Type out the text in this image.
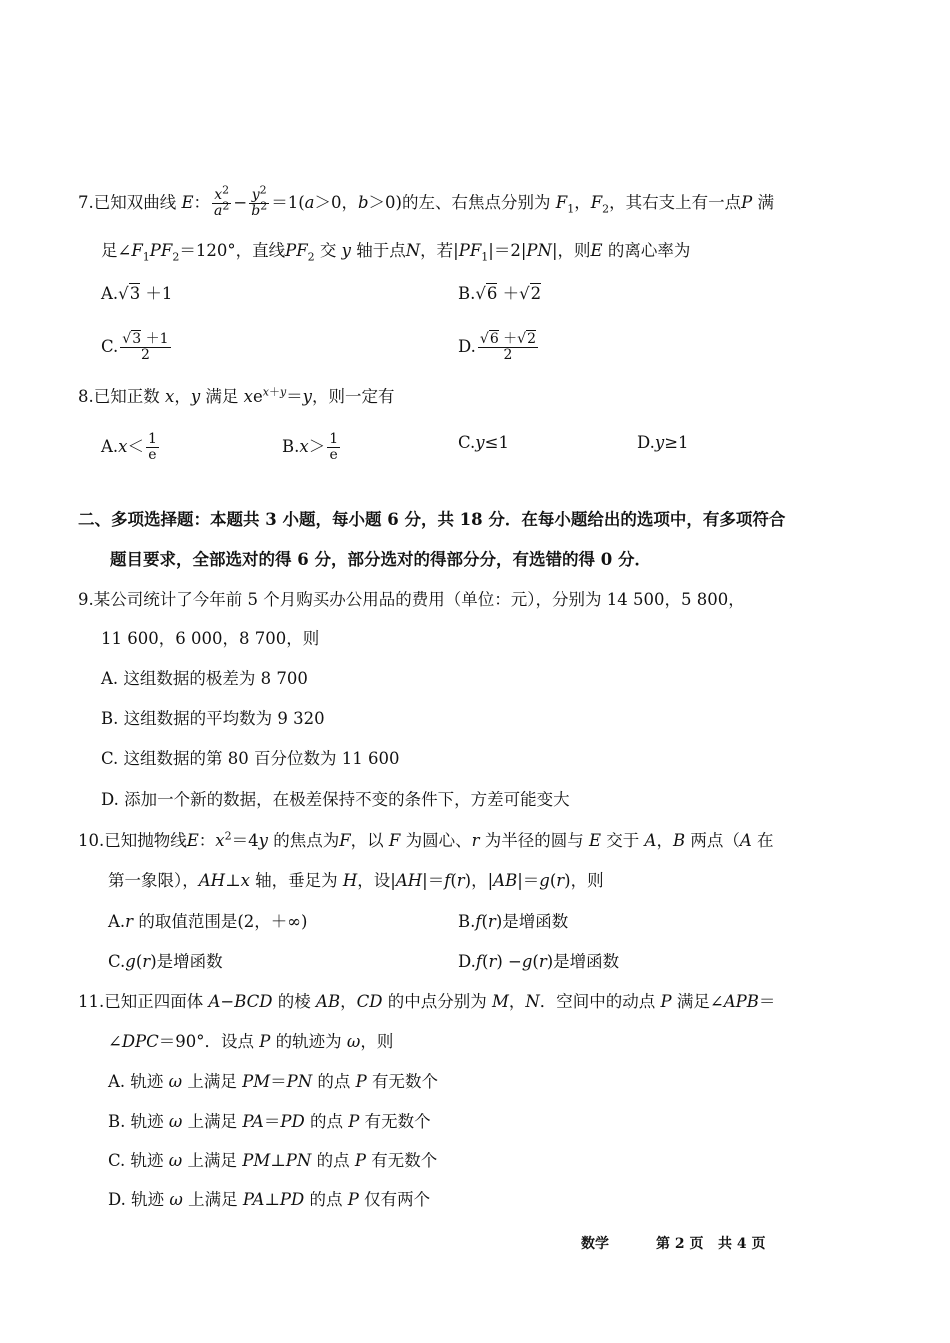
7.已知双曲线 E： $\frac{x^2}{a^2} - \frac{y^2}{b^2} =1(a>0$，b＞0)的左、右焦点分别为 $F_1$，$F_2$，其右支上有一点P 满
足$\angle F_1PF_2=120^\circ$，直线$PF_2$ 交 y 轴于点N，若$|PF_1|=2|PN|$，则E 的离心率为
A.√3 ＋1	B.√6 ＋√2
C. $\frac{√3 +1}{2}$	D. $\frac{√6 +√2}{2}$
8.已知正数 x，y 满足 $xe^{x+y}=y$，则一定有
$A.x< \frac{1}{e}$	$B.x> \frac{1}{e}$	C.y≤1	D.y≥1
二、多项选择题：本题共 3 小题，每小题 6 分，共 18 分．在每小题给出的选项中，有多项符合
题目要求，全部选对的得 6 分，部分选对的得部分分，有选错的得 0 分．
9.某公司统计了今年前 5 个月购买办公用品的费用（单位：元），分别为 14 500，5 800，
11 600，6 000，8 700，则
A. 这组数据的极差为 8 700
B. 这组数据的平均数为 9 320
C. 这组数据的第 80 百分位数为 11 600
D. 添加一个新的数据，在极差保持不变的条件下，方差可能变大
10.已知抛物线E：$x^2=4y$ 的焦点为F，以 F 为圆心、r 为半径的圆与 E 交于 A，B 两点（A 在
第一象限），AH⊥x 轴，垂足为 H，设|AH|＝f(r)，|AB|＝g(r)，则
A.r 的取值范围是(2，＋∞)	B.f(r)是增函数
C.g(r)是增函数	D.f(r) −g(r)是增函数
11.已知正四面体 A−BCD 的棱 AB，CD 的中点分别为 M，N．空间中的动点 P 满足∠APB＝
∠DPC＝90°．设点 P 的轨迹为 ω，则
A. 轨迹 ω 上满足 PM＝PN 的点 P 有无数个
B. 轨迹 ω 上满足 PA＝PD 的点 P 有无数个
C. 轨迹 ω 上满足 PM⊥PN 的点 P 有无数个
D. 轨迹 ω 上满足 PA⊥PD 的点 P 仅有两个
数学	第 2 页 共 4 页
